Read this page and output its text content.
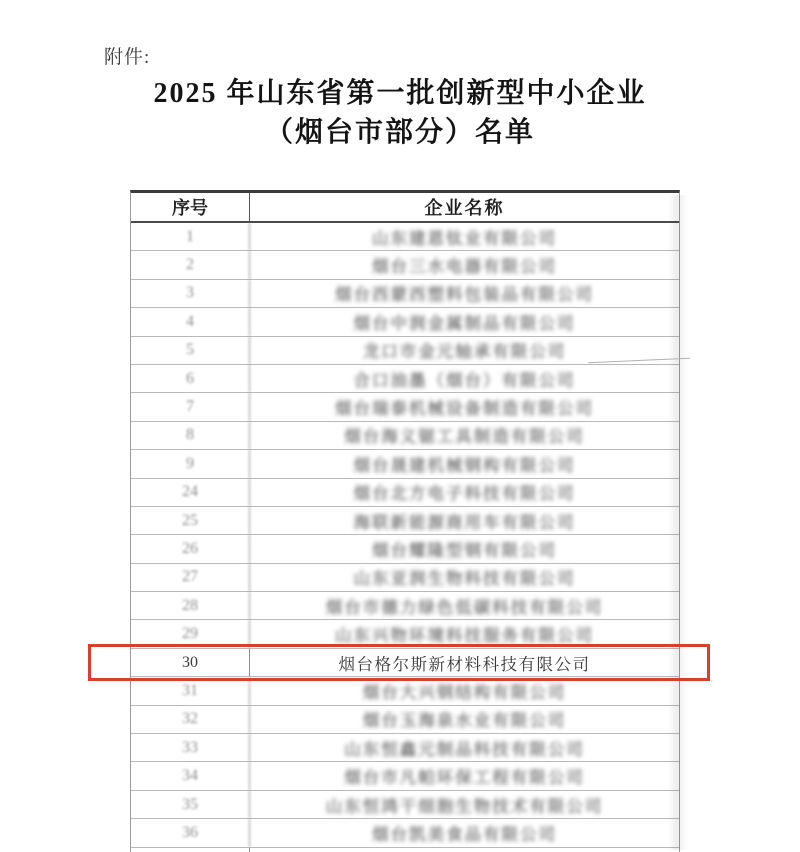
附件:
2025 年山东省第一批创新型中小企业
（烟台市部分）名单
序号	企业名称
1	山东建恩钛业有限公司
2	烟台三水电器有限公司
3	烟台西蒙西塑料包装品有限公司
4	烟台中润金属制品有限公司
5	龙口市金元轴承有限公司
6	合口油墨（烟台）有限公司
7	烟台瑞泰机械设备制造有限公司
8	烟台海义锯工具制造有限公司
9	烟台晟建机械钢构有限公司
24	烟台北方电子科技有限公司
25	海联新能源商用车有限公司
26	烟台耀隆型钢有限公司
27	山东亚润生物科技有限公司
28	烟台市德力绿色低碳科技有限公司
29	山东兴物环境科技服务有限公司
30	烟台格尔斯新材料科技有限公司
31	烟台大兴钢结构有限公司
32	烟台玉海泉水业有限公司
33	山东恒鑫元制品科技有限公司
34	烟台市凡帕环保工程有限公司
35	山东恒鸿干细胞生物技术有限公司
36	烟台凯美食品有限公司
